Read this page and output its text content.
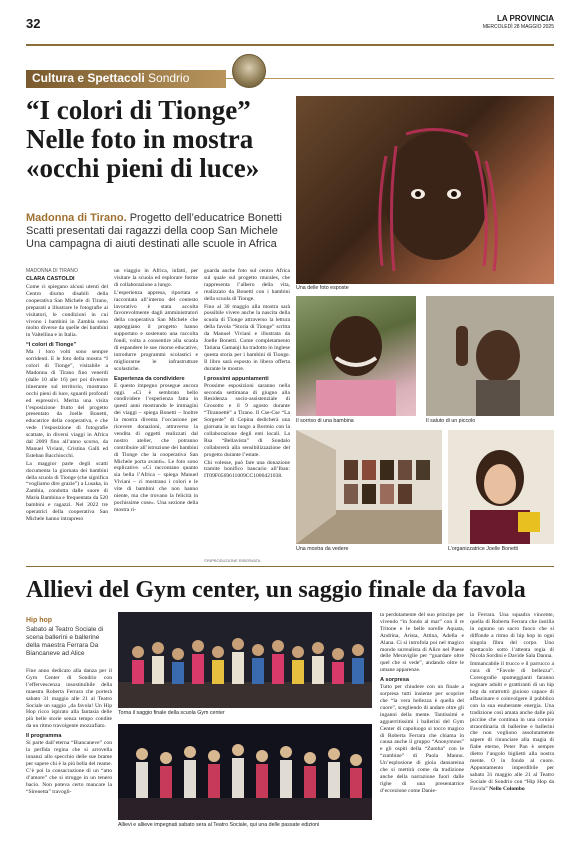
32	LA PROVINCIA
MERCOLEDÌ 28 MAGGIO 2025
Cultura e Spettacoli Sondrio
“I colori di Tionge” Nelle foto in mostra «occhi pieni di luce»
Madonna di Tirano. Progetto dell’educatrice Bonetti Scatti presentati dai ragazzi della coop San Michele Una campagna di aiuti destinati alle scuole in Africa
MADONNA DI TIRANO
CLARA CASTOLDI

Come ci spiegano alcuni utenti del Centro diurno disabili della cooperativa San Michele di Tirano, preparati a illustrare le fotografie ai visitatori, le condizioni in cui vivono i bambini in Zambia sono molto diverse da quelle dei bambini in Valtellina e in Italia.

“I colori di Tionge”

Ma i loro volti sono sempre sorridenti. E le foto della mostra “I colori di Tionge”, visitabile a Madonna di Tirano fino venerdì (dalle 10 alle 16) per poi divenire itinerante sul territorio, mostrano occhi pieni di luce, sguardi profondi ed espressivi. Merita una visita l’esposizione frutto del progetto presentato da Joelle Bonetti, educatrice della cooperativa, e che vede l’esposizione di fotografie scattate, in diversi viaggi in Africa dal 2009 fino all’anno scorso, da Manuel Viviani, Cristina Galli ed Esteban Bacchiocchi.

La maggior parte degli scatti documenta la giornata dei bambini della scuola di Tionge (che significa “vogliamo dire grazie”) a Lusaka, in Zambia, condotta dalle suore di Maria Bambina e frequentata da 520 bambini e ragazzi. Nel 2022 tre operatrici della cooperativa San Michele hanno intrapreso

un viaggio in Africa, infatti, per visitare la scuola ed esplorare forme di collaborazione a lungo.

L’esperienza appresa, riportata e raccontata all’interno del contesto lavorativo è stata accolta favorevolmente dagli amministratori della cooperativa San Michele che appoggiano il progetto hanno supportato e sostenuto una raccolta fondi, volta a consentire alla scuola di espandere le sue risorse educative, introdurre programmi scolastici e migliorarne le infrastrutture scolastiche.

Esperienza da condividere

E questo impegno prosegue ancora oggi. «Ci è sembrato bello condividere l’esperienza fatta in questi anni mostrando le immagini dei viaggi – spiega Bonetti – Inoltre la mostra diventa l’occasione per ricevere donazioni, attraverso la vendita di oggetti realizzati dal nostro atelier, che potranno contribuire all’istruzione dei bambini di Tionge che la cooperativa San Michele porta avanti». Le foto sono esplicative. «Ci raccontano quanto sia bella l’Africa – spiega Manuel Viviani – ci mostrano i colori e le vite di bambini che non hanno niente, ma che trovano la felicità in pochissime cose». Una sezione della mostra ri-

guarda anche foto sul centro Africa sul quale sul progetto murales, che rappresenta l’albero della vita, realizzato da Bonetti con i bambini della scuola di Tionge.

Fino al 30 maggio alla mostra sarà possibile vivere anche la nascita della scuola di Tionge attraverso la lettura della favola “Storia di Tionge” scritta da Manuel Viviani e illustrata da Joelle Bonetti. Come completamento Tatiana Gamanji ha tradotto in inglese questa storia per i bambini di Tionge. Il libro sarà esposto in libera offerta durante le mostre.

I prossimi appuntamenti

Prossime esposizioni saranno nella seconda settimana di giugno alla Residenza socio-assistenziale di Grosotto e il 9 agosto durante “Tirannettè” a Tirano. Il Cse-Cse “La Sorgente” di Cepina dedicherà una giornata in un luogo a Bormio con la collaborazione degli enti locali. La Rsa “Bellavista” di Sondalo collaborerà alla sensibilizzazione del progetto durante l’estate.

Chi volesse, può fare una donazione tramite bonifico bancario all’Iban: IT09F0569611009CC1000421038.

©RIPRODUZIONE RISERVATA
Una delle foto esposte
Il sorriso di una bambina	Il saluto di un piccolo
Una mostra da vedere	L’organizzatrice Joelle Bonetti
Allievi del Gym center, un saggio finale da favola
Hip hop
Sabato al Teatro Sociale di scena ballerini e ballerine della maestra Ferrara Da Biancaneve ad Alice

Fine anno dedicato alla danza per il Gym Center di Sondrio con l’effervescenza insostituibile della maestra Roberta Ferrara che porterà sabato 31 maggio alle 21 al Teatro Sociale un saggio „da favola! Un Hip Hop ricco ispirato alla fantasia delle più belle storie senza tempo condite da un ritmo travolgente mozzafiato.

Il programma

Si parte dall’eterna “Biancaneve” con la perfida regina che si arrovella innanzi allo specchio delle sue brame per sapere chi è la più bella del reame. C’è poi la consacrazione di un “atto d’amore” che si strugge in un tenero bacio. Non poteva certo mancare la “Sirenetta” travogli-

Torna il saggio finale della scuola Gym center
Allievi e allieve impegnati sabato sera al Teatro Sociale, qui una delle passate edizioni

ta perdutamente del suo principe per vivendo “in fondo al mar” con il re Tritone e le belle sorelle Aquata, Andrina, Arista, Attina, Adella e Alana. Ci si intrufola poi nel magico mondo surrealista di Alice nel Paese delle Meraviglie per “guardare oltre quel che si vede”, andando oltre le umane apparenze.

A sorpresa

Tutto per chiudere con un finale a sorpresa tutti insieme per scoprire che “la vera bellezza è quella del cuore”, scegliendo di andare oltre gli inganni della mente. Tantissimi e agguerritissimi i ballerini del Gym Center di capoluogo si tocco magico di Roberta Ferrara che chiama in causa anche il gruppo “Anonymous” e gli ospiti della “Zumba” con le “zumbine” di Paola Mannu. Un’esplosione di gioia dansareina che si mettirà come da tradizione anche della narrazione fuori dalle righe di una presentatrice d’eccezione come Danie-

la Ferrara. Una squadra vincente, quella di Roberta Ferrara che instilla in ognuno un sacro fuoco che si diffonde a ritmo di hip hop in ogni singola fibra del corpo. Uno spettacolo sotto l’attenta regia di Nicola Sordini e Davide Sala Danna.

Immancabile il trucco e il parrucco a cura di “Favole di bellezza”. Coreografie spumeggianti faranno sognare adulti e grattiranti di un hip hop da stratrottò gioioso capace di affascinare e coinvolgere il pubblico con la sua esuberante energia. Una tradizione così amata anche dalle più piccine che continua in una cornice straordinaria di ballerine e ballerini che non vogliono assolutamente sapere di rinunciare alla magia di fiabe eterne, Peter Pan è sempre dietro l’angolo biglietti alla nostra mente. O in fondo al cuore. Appuntamento imperdibile per sabato 31 maggio alle 21 al Teatro Sociale di Sondrio con “Hip Hop da Favola” Nello Colombo
